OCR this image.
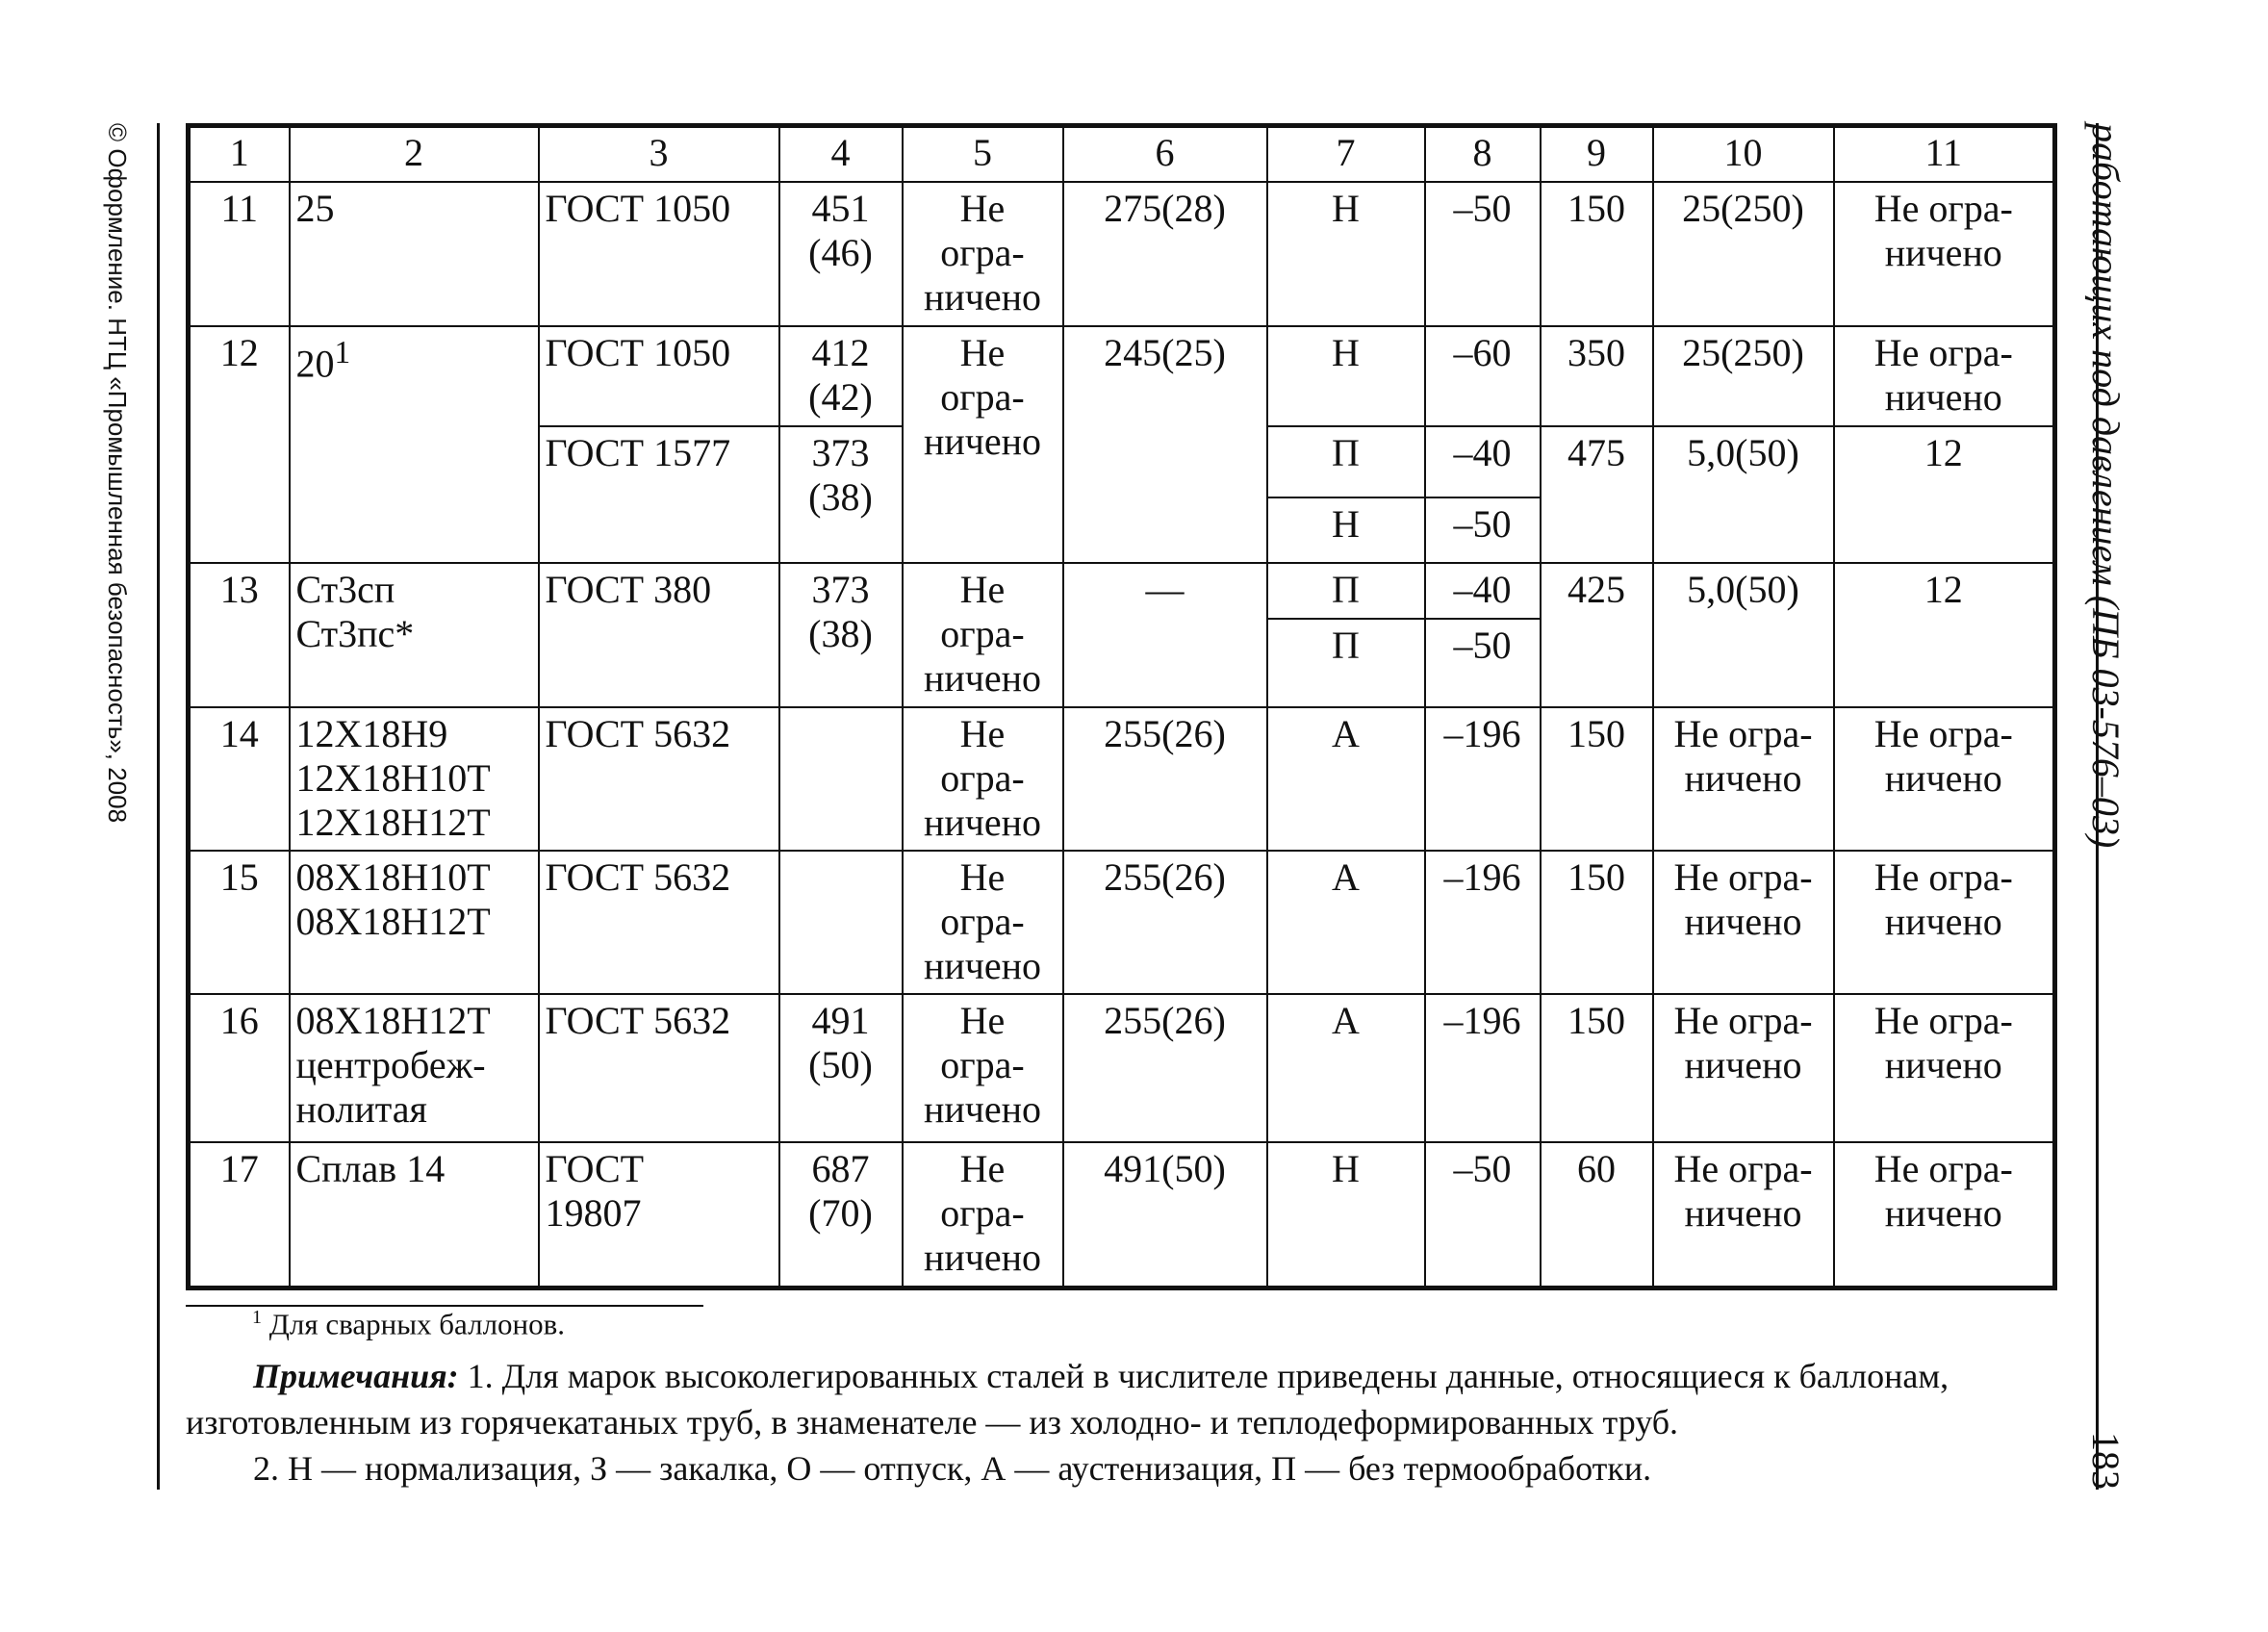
© Оформление. НТЦ «Промышленная безопасность», 2008	работающих под давлением (ПБ 03-576–03)
183
1	2	3	4	5	6	7	8	9	10	11
11	25	ГОСТ 1050	451
(46)	Не
огра-
ничено	275(28)	Н	–50	150	25(250)	Не огра-
ничено
12	$20^1$	ГОСТ 1050	412
(42)	Не
огра-
ничено	245(25)	Н	–60	350	25(250)	Не огра-
ничено
		ГОСТ 1577	373
(38)			П	–40	475	5,0(50)	12
						Н	–50			
13	Ст3сп
Ст3пс*	ГОСТ 380	373
(38)	Не
огра-
ничено	—	П	–40	425	5,0(50)	12
						П	–50			
14	12Х18Н9
12Х18Н10Т
12Х18Н12Т	ГОСТ 5632		Не
огра-
ничено	255(26)	А	–196	150	Не огра-
ничено	Не огра-
ничено
15	08Х18Н10Т
08Х18Н12Т	ГОСТ 5632		Не
огра-
ничено	255(26)	А	–196	150	Не огра-
ничено	Не огра-
ничено
16	08Х18Н12Т
центробеж-
нолитая	ГОСТ 5632	491
(50)	Не
огра-
ничено	255(26)	А	–196	150	Не огра-
ничено	Не огра-
ничено
17	Сплав 14	ГОСТ
19807	687
(70)	Не
огра-
ничено	491(50)	Н	–50	60	Не огра-
ничено	Не огра-
ничено
$^1$ Для сварных баллонов.
Примечания: 1. Для марок высоколегированных сталей в числителе приведены данные, относящиеся к баллонам, изготовленным из горячекатаных труб, в знаменателе — из холодно- и теплодеформированных труб.
2. Н — нормализация, З — закалка, О — отпуск, А — аустенизация, П — без термообработки.
